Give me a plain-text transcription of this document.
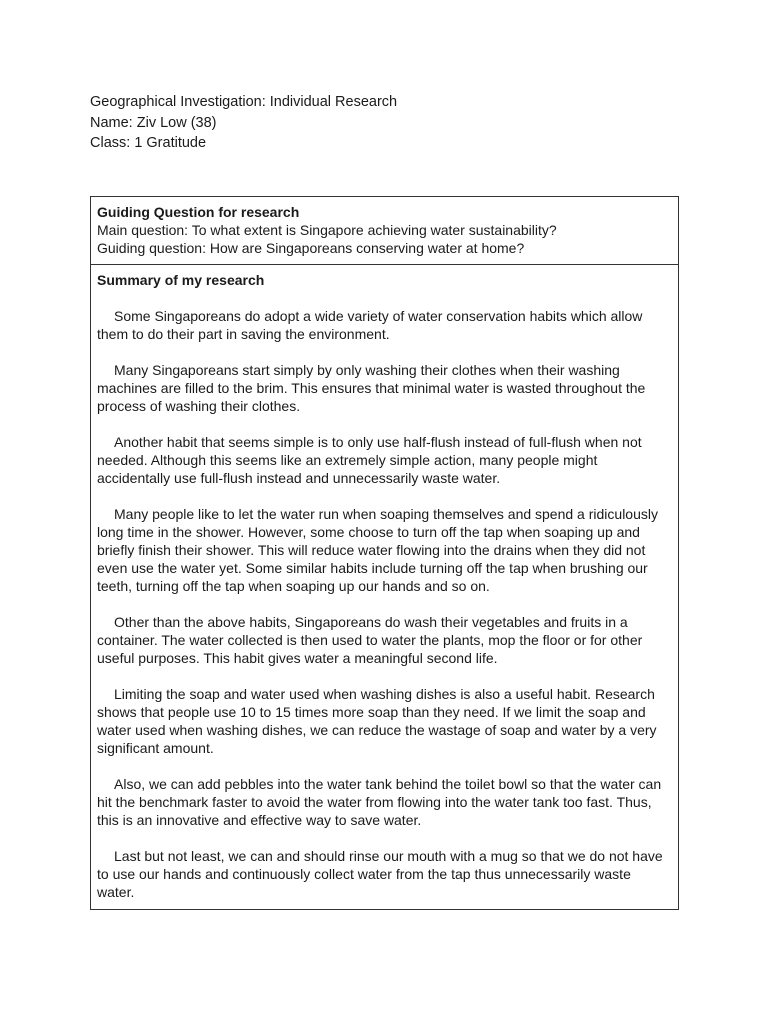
Geographical Investigation: Individual Research
Name: Ziv Low (38)
Class: 1 Gratitude
Guiding Question for research
Main question: To what extent is Singapore achieving water sustainability?
Guiding question: How are Singaporeans conserving water at home?
Summary of my research

Some Singaporeans do adopt a wide variety of water conservation habits which allow them to do their part in saving the environment.

Many Singaporeans start simply by only washing their clothes when their washing machines are filled to the brim. This ensures that minimal water is wasted throughout the process of washing their clothes.

Another habit that seems simple is to only use half-flush instead of full-flush when not needed. Although this seems like an extremely simple action, many people might accidentally use full-flush instead and unnecessarily waste water.

Many people like to let the water run when soaping themselves and spend a ridiculously long time in the shower. However, some choose to turn off the tap when soaping up and briefly finish their shower. This will reduce water flowing into the drains when they did not even use the water yet. Some similar habits include turning off the tap when brushing our teeth, turning off the tap when soaping up our hands and so on.

Other than the above habits, Singaporeans do wash their vegetables and fruits in a container. The water collected is then used to water the plants, mop the floor or for other useful purposes. This habit gives water a meaningful second life.

Limiting the soap and water used when washing dishes is also a useful habit. Research shows that people use 10 to 15 times more soap than they need. If we limit the soap and water used when washing dishes, we can reduce the wastage of soap and water by a very significant amount.

Also, we can add pebbles into the water tank behind the toilet bowl so that the water can hit the benchmark faster to avoid the water from flowing into the water tank too fast. Thus, this is an innovative and effective way to save water.

Last but not least, we can and should rinse our mouth with a mug so that we do not have to use our hands and continuously collect water from the tap thus unnecessarily waste water.
